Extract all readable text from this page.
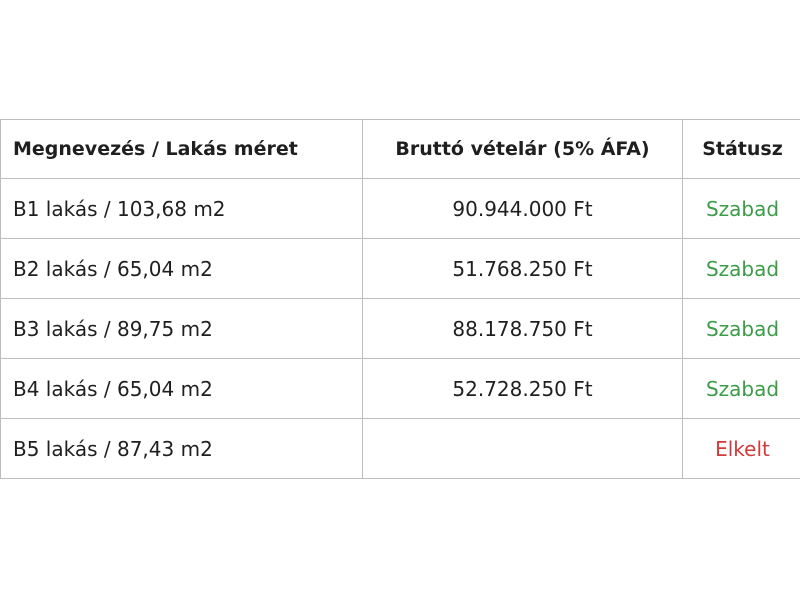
Megnevezés / Lakás méret	Bruttó vételár (5% ÁFA)	Státusz
B1 lakás / 103,68 m2	90.944.000 Ft	Szabad
B2 lakás / 65,04 m2	51.768.250 Ft	Szabad
B3 lakás / 89,75 m2	88.178.750 Ft	Szabad
B4 lakás / 65,04 m2	52.728.250 Ft	Szabad
B5 lakás / 87,43 m2		Elkelt
